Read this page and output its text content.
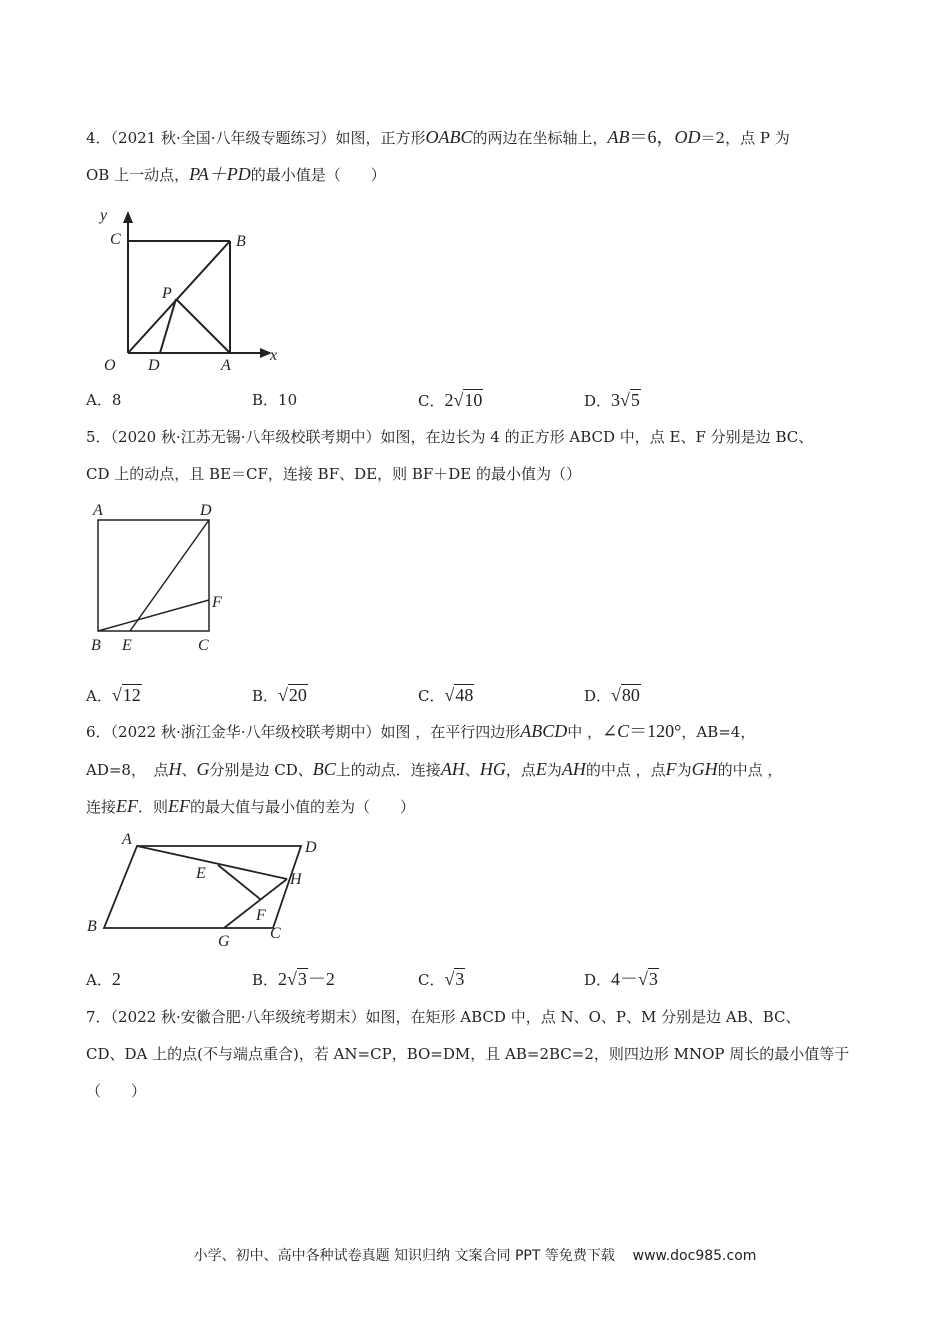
4．（2021 秋·全国·八年级专题练习）如图，正方形OABC的两边在坐标轴上，AB＝6，OD＝2，点 P 为
OB 上一动点，PA＋PD的最小值是（　　）
y
x
C	B
P
O D	A
A．8	B．10	C．2√10	D．3√5
5．（2020 秋·江苏无锡·八年级校联考期中）如图，在边长为 4 的正方形 ABCD 中，点 E、F 分别是边 BC、
CD 上的动点，且 BE＝CF，连接 BF、DE，则 BF＋DE 的最小值为（）
A	D
F
B E	C
A．√12	B．√20	C．√48	D．√80
6．（2022 秋·浙江金华·八年级校联考期中）如图 ，在平行四边形ABCD中 ，∠C＝120°，AB=4，
AD=8，　点H、G分别是边 CD、BC上的动点．连接AH、HG，点E为AH的中点 ，点F为GH的中点 ，
连接EF．则EF的最大值与最小值的差为（　　）
A	D
E	H
F
B
G	C
A．2	B．2√3－2	C．√3	D．4－√3
7．（2022 秋·安徽合肥·八年级统考期末）如图，在矩形 ABCD 中，点 N、O、P、M 分别是边 AB、BC、
CD、DA 上的点(不与端点重合)，若 AN=CP，BO=DM，且 AB=2BC=2，则四边形 MNOP 周长的最小值等于
（　　）
小学、初中、高中各种试卷真题 知识归纳 文案合同 PPT 等免费下载 www.doc985.com
